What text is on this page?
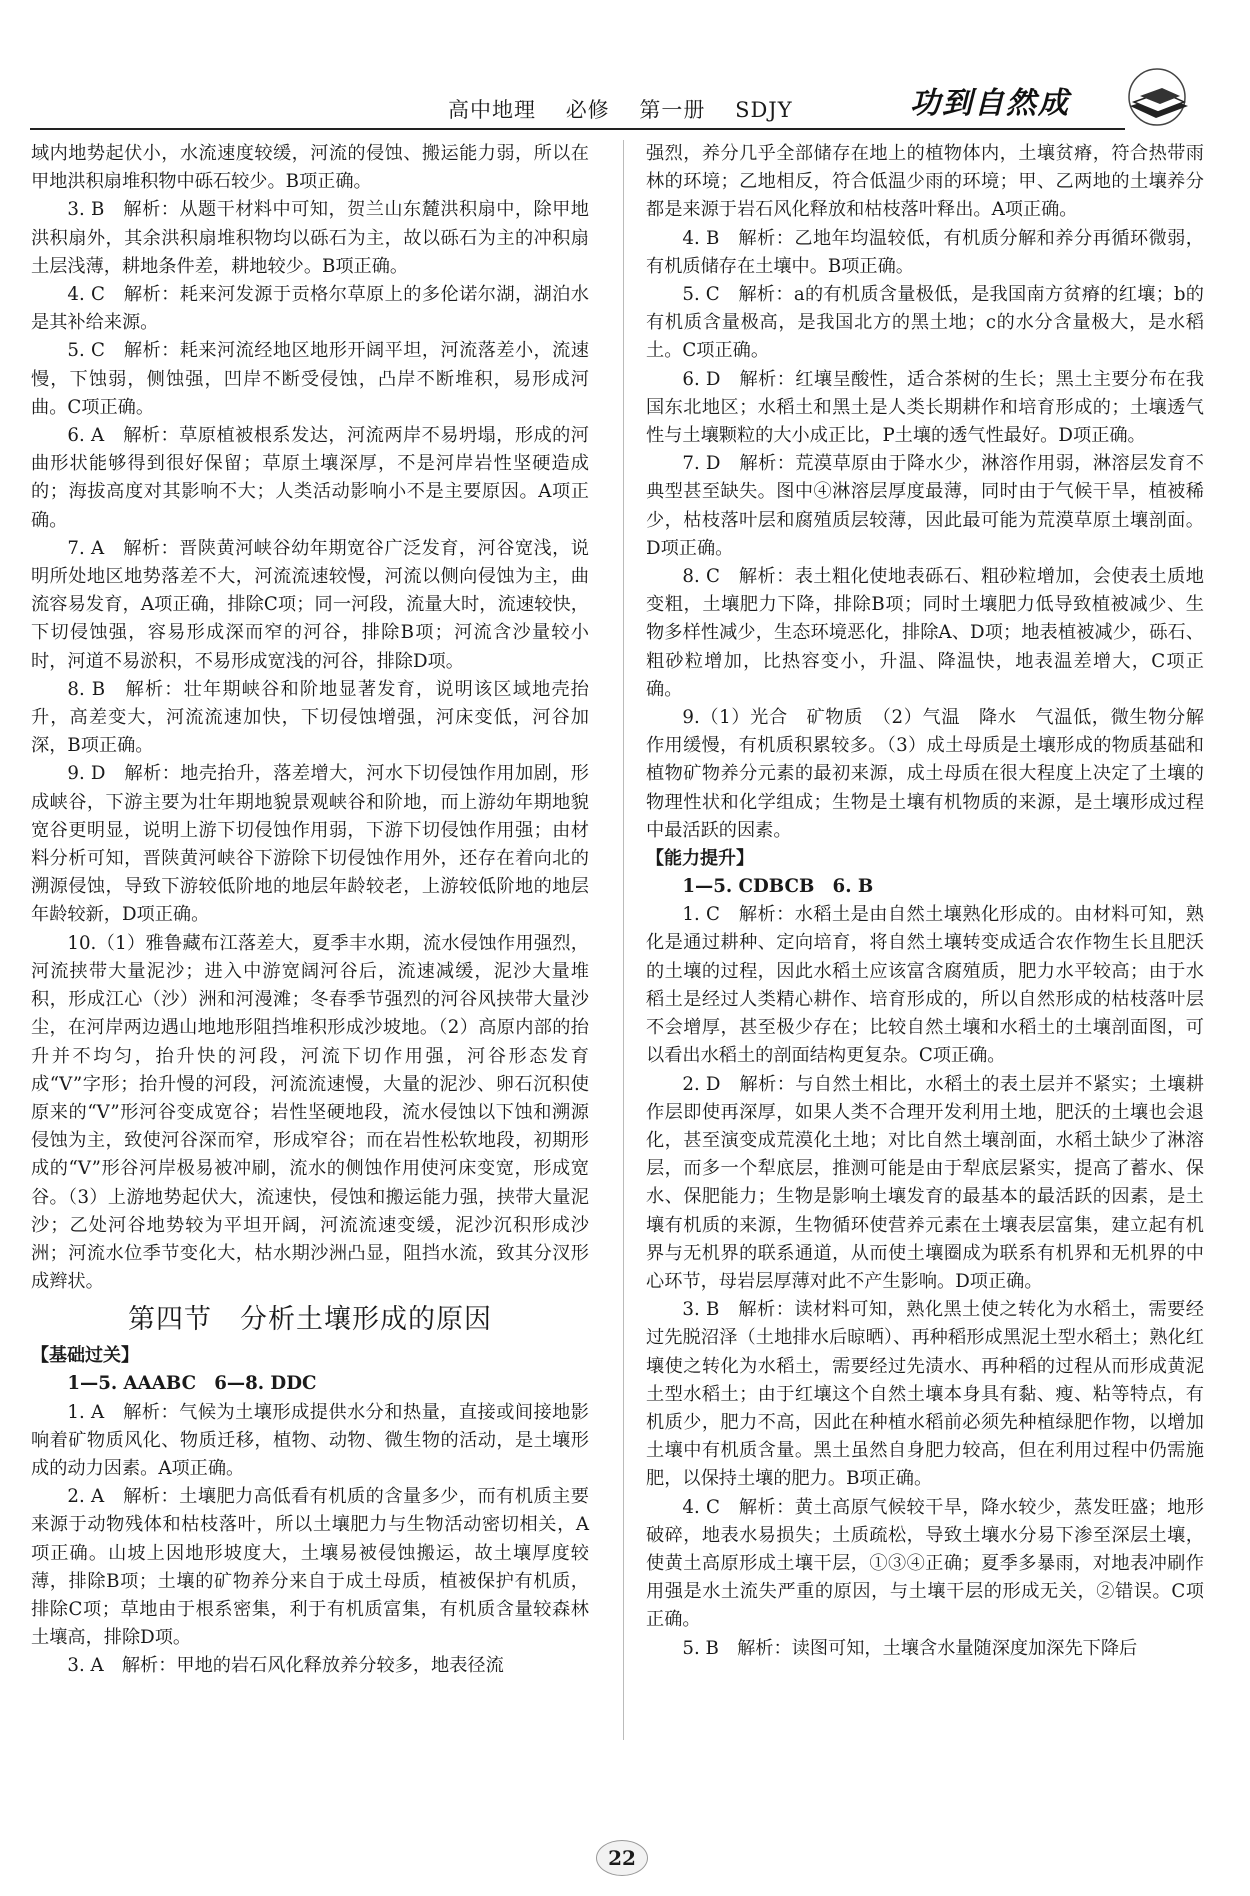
高中地理 必修 第一册 SDJY	功到自然成

域内地势起伏小，水流速度较缓，河流的侵蚀、搬运能力弱，所以在甲地洪积扇堆积物中砾石较少。B项正确。

3. B　解析：从题干材料中可知，贺兰山东麓洪积扇中，除甲地洪积扇外，其余洪积扇堆积物均以砾石为主，故以砾石为主的冲积扇土层浅薄，耕地条件差，耕地较少。B项正确。

4. C　解析：耗来河发源于贡格尔草原上的多伦诺尔湖，湖泊水是其补给来源。

5. C　解析：耗来河流经地区地形开阔平坦，河流落差小，流速慢，下蚀弱，侧蚀强，凹岸不断受侵蚀，凸岸不断堆积，易形成河曲。C项正确。

6. A　解析：草原植被根系发达，河流两岸不易坍塌，形成的河曲形状能够得到很好保留；草原土壤深厚，不是河岸岩性坚硬造成的；海拔高度对其影响不大；人类活动影响小不是主要原因。A项正确。

7. A　解析：晋陕黄河峡谷幼年期宽谷广泛发育，河谷宽浅，说明所处地区地势落差不大，河流流速较慢，河流以侧向侵蚀为主，曲流容易发育，A项正确，排除C项；同一河段，流量大时，流速较快，下切侵蚀强，容易形成深而窄的河谷，排除B项；河流含沙量较小时，河道不易淤积，不易形成宽浅的河谷，排除D项。

8. B　解析：壮年期峡谷和阶地显著发育，说明该区域地壳抬升，高差变大，河流流速加快，下切侵蚀增强，河床变低，河谷加深，B项正确。

9. D　解析：地壳抬升，落差增大，河水下切侵蚀作用加剧，形成峡谷，下游主要为壮年期地貌景观峡谷和阶地，而上游幼年期地貌宽谷更明显，说明上游下切侵蚀作用弱，下游下切侵蚀作用强；由材料分析可知，晋陕黄河峡谷下游除下切侵蚀作用外，还存在着向北的溯源侵蚀，导致下游较低阶地的地层年龄较老，上游较低阶地的地层年龄较新，D项正确。

10.（1）雅鲁藏布江落差大，夏季丰水期，流水侵蚀作用强烈，河流挟带大量泥沙；进入中游宽阔河谷后，流速减缓，泥沙大量堆积，形成江心（沙）洲和河漫滩；冬春季节强烈的河谷风挟带大量沙尘，在河岸两边遇山地地形阻挡堆积形成沙坡地。（2）高原内部的抬升并不均匀，抬升快的河段，河流下切作用强，河谷形态发育成“V”字形；抬升慢的河段，河流流速慢，大量的泥沙、卵石沉积使原来的“V”形河谷变成宽谷；岩性坚硬地段，流水侵蚀以下蚀和溯源侵蚀为主，致使河谷深而窄，形成窄谷；而在岩性松软地段，初期形成的“V”形谷河岸极易被冲刷，流水的侧蚀作用使河床变宽，形成宽谷。（3）上游地势起伏大，流速快，侵蚀和搬运能力强，挟带大量泥沙；乙处河谷地势较为平坦开阔，河流流速变缓，泥沙沉积形成沙洲；河流水位季节变化大，枯水期沙洲凸显，阻挡水流，致其分汊形成辫状。

第四节　分析土壤形成的原因
【基础过关】

1—5. AAABC　6—8. DDC

1. A　解析：气候为土壤形成提供水分和热量，直接或间接地影响着矿物质风化、物质迁移，植物、动物、微生物的活动，是土壤形成的动力因素。A项正确。

2. A　解析：土壤肥力高低看有机质的含量多少，而有机质主要来源于动物残体和枯枝落叶，所以土壤肥力与生物活动密切相关，A项正确。山坡上因地形坡度大，土壤易被侵蚀搬运，故土壤厚度较薄，排除B项；土壤的矿物养分来自于成土母质，植被保护有机质，排除C项；草地由于根系密集，利于有机质富集，有机质含量较森林土壤高，排除D项。

3. A　解析：甲地的岩石风化释放养分较多，地表径流

强烈，养分几乎全部储存在地上的植物体内，土壤贫瘠，符合热带雨林的环境；乙地相反，符合低温少雨的环境；甲、乙两地的土壤养分都是来源于岩石风化释放和枯枝落叶释出。A项正确。

4. B　解析：乙地年均温较低，有机质分解和养分再循环微弱，有机质储存在土壤中。B项正确。

5. C　解析：a的有机质含量极低，是我国南方贫瘠的红壤；b的有机质含量极高，是我国北方的黑土地；c的水分含量极大，是水稻土。C项正确。

6. D　解析：红壤呈酸性，适合茶树的生长；黑土主要分布在我国东北地区；水稻土和黑土是人类长期耕作和培育形成的；土壤透气性与土壤颗粒的大小成正比，P土壤的透气性最好。D项正确。

7. D　解析：荒漠草原由于降水少，淋溶作用弱，淋溶层发育不典型甚至缺失。图中④淋溶层厚度最薄，同时由于气候干旱，植被稀少，枯枝落叶层和腐殖质层较薄，因此最可能为荒漠草原土壤剖面。D项正确。

8. C　解析：表土粗化使地表砾石、粗砂粒增加，会使表土质地变粗，土壤肥力下降，排除B项；同时土壤肥力低导致植被减少、生物多样性减少，生态环境恶化，排除A、D项；地表植被减少，砾石、粗砂粒增加，比热容变小，升温、降温快，地表温差增大，C项正确。

9.（1）光合　矿物质　（2）气温　降水　气温低，微生物分解作用缓慢，有机质积累较多。（3）成土母质是土壤形成的物质基础和植物矿物养分元素的最初来源，成土母质在很大程度上决定了土壤的物理性状和化学组成；生物是土壤有机物质的来源，是土壤形成过程中最活跃的因素。

【能力提升】

1—5. CDBCB　6. B

1. C　解析：水稻土是由自然土壤熟化形成的。由材料可知，熟化是通过耕种、定向培育，将自然土壤转变成适合农作物生长且肥沃的土壤的过程，因此水稻土应该富含腐殖质，肥力水平较高；由于水稻土是经过人类精心耕作、培育形成的，所以自然形成的枯枝落叶层不会增厚，甚至极少存在；比较自然土壤和水稻土的土壤剖面图，可以看出水稻土的剖面结构更复杂。C项正确。

2. D　解析：与自然土相比，水稻土的表土层并不紧实；土壤耕作层即使再深厚，如果人类不合理开发利用土地，肥沃的土壤也会退化，甚至演变成荒漠化土地；对比自然土壤剖面，水稻土缺少了淋溶层，而多一个犁底层，推测可能是由于犁底层紧实，提高了蓄水、保水、保肥能力；生物是影响土壤发育的最基本的最活跃的因素，是土壤有机质的来源，生物循环使营养元素在土壤表层富集，建立起有机界与无机界的联系通道，从而使土壤圈成为联系有机界和无机界的中心环节，母岩层厚薄对此不产生影响。D项正确。

3. B　解析：读材料可知，熟化黑土使之转化为水稻土，需要经过先脱沼泽（土地排水后晾晒）、再种稻形成黑泥土型水稻土；熟化红壤使之转化为水稻土，需要经过先渍水、再种稻的过程从而形成黄泥土型水稻土；由于红壤这个自然土壤本身具有黏、瘦、粘等特点，有机质少，肥力不高，因此在种植水稻前必须先种植绿肥作物，以增加土壤中有机质含量。黑土虽然自身肥力较高，但在利用过程中仍需施肥，以保持土壤的肥力。B项正确。

4. C　解析：黄土高原气候较干旱，降水较少，蒸发旺盛；地形破碎，地表水易损失；土质疏松，导致土壤水分易下渗至深层土壤，使黄土高原形成土壤干层，①③④正确；夏季多暴雨，对地表冲刷作用强是水土流失严重的原因，与土壤干层的形成无关，②错误。C项正确。

5. B　解析：读图可知，土壤含水量随深度加深先下降后

22
